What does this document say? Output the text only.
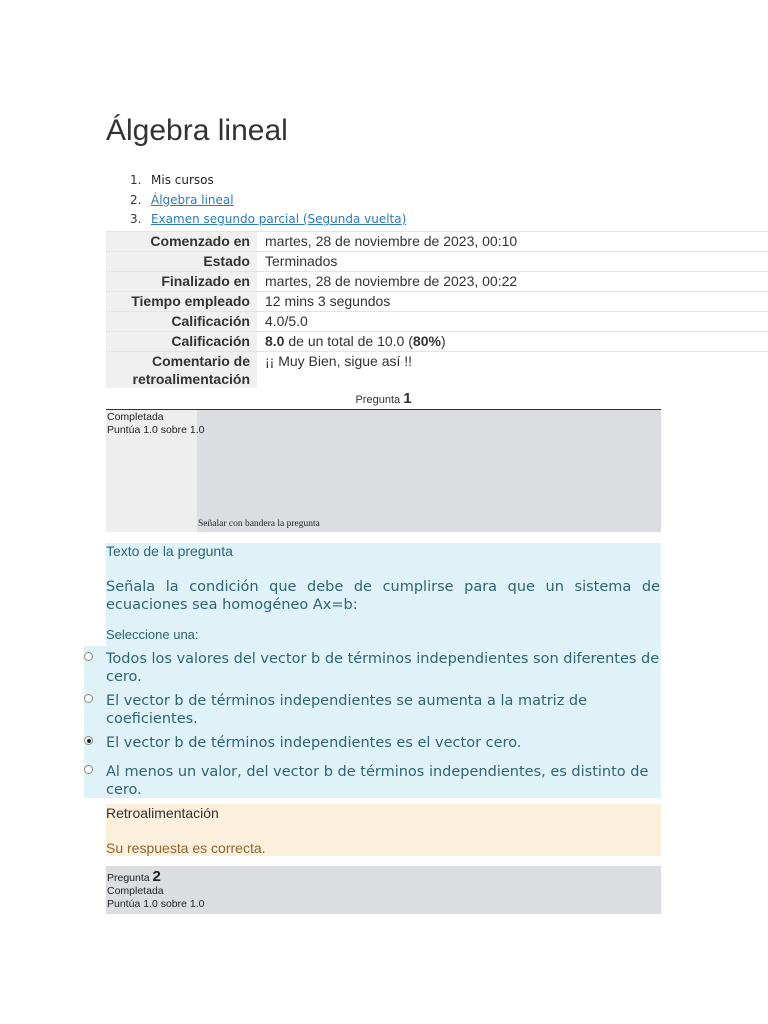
Álgebra lineal
1. Mis cursos
2. Álgebra lineal
3. Examen segundo parcial (Segunda vuelta)
Comenzado en	martes, 28 de noviembre de 2023, 00:10
Estado	Terminados
Finalizado en	martes, 28 de noviembre de 2023, 00:22
Tiempo empleado	12 mins 3 segundos
Calificación	4.0/5.0
Calificación	8.0 de un total de 10.0 (80%)
Comentario de
retroalimentación	¡¡ Muy Bien, sigue así !!
Pregunta 1
Completada
Puntúa 1.0 sobre 1.0
Señalar con bandera la pregunta
Texto de la pregunta

Señala la condición que debe de cumplirse para que un sistema de ecuaciones sea homogéneo Ax=b:

Seleccione una:
Todos los valores del vector b de términos independientes son diferentes de cero.
El vector b de términos independientes se aumenta a la matriz de coeficientes.
El vector b de términos independientes es el vector cero.
Al menos un valor, del vector b de términos independientes, es distinto de cero.
Retroalimentación
Su respuesta es correcta.
Pregunta 2
Completada
Puntúa 1.0 sobre 1.0
